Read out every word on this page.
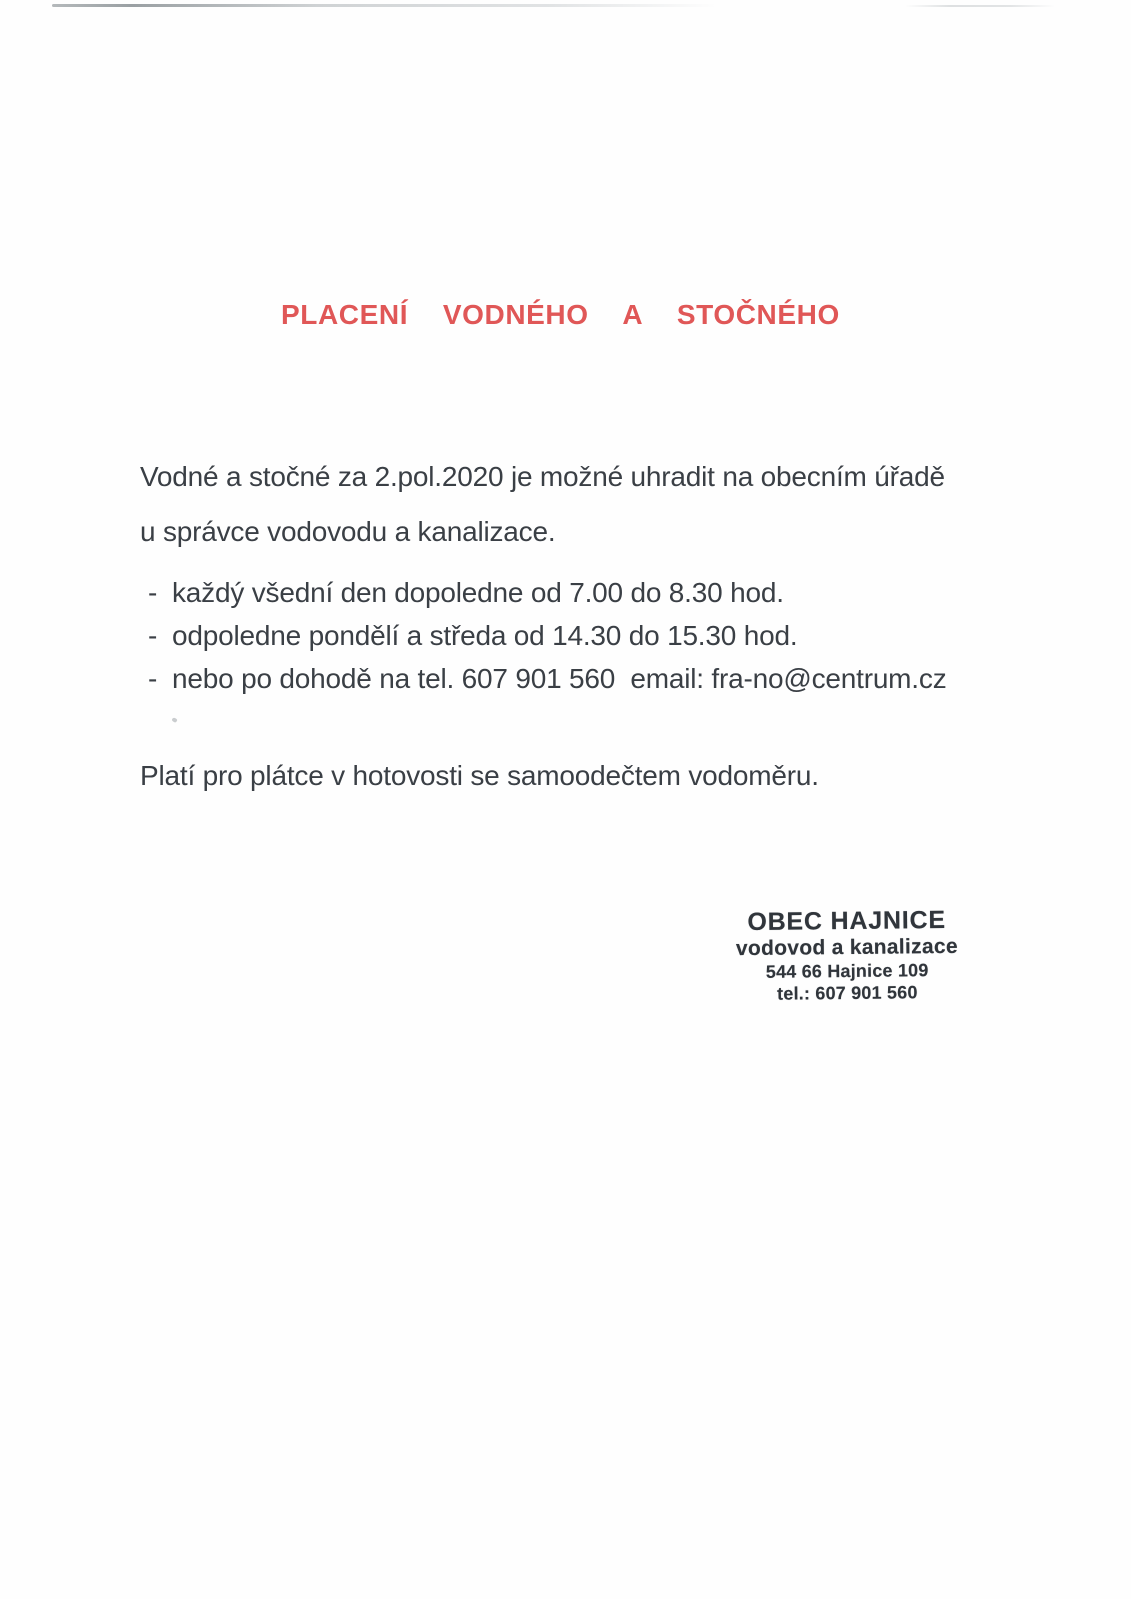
PLACENÍ  VODNÉHO  A  STOČNÉHO

Vodné a stočné za 2.pol.2020 je možné uhradit na obecním úřadě

u správce vodovodu a kanalizace.

- každý všední den dopoledne od 7.00 do 8.30 hod.
- odpoledne pondělí a středa od 14.30 do 15.30 hod.
- nebo po dohodě na tel. 607 901 560  email: fra-no@centrum.cz

Platí pro plátce v hotovosti se samoodečtem vodoměru.

OBEC HAJNICE
vodovod a kanalizace
544 66 Hajnice 109
tel.: 607 901 560
